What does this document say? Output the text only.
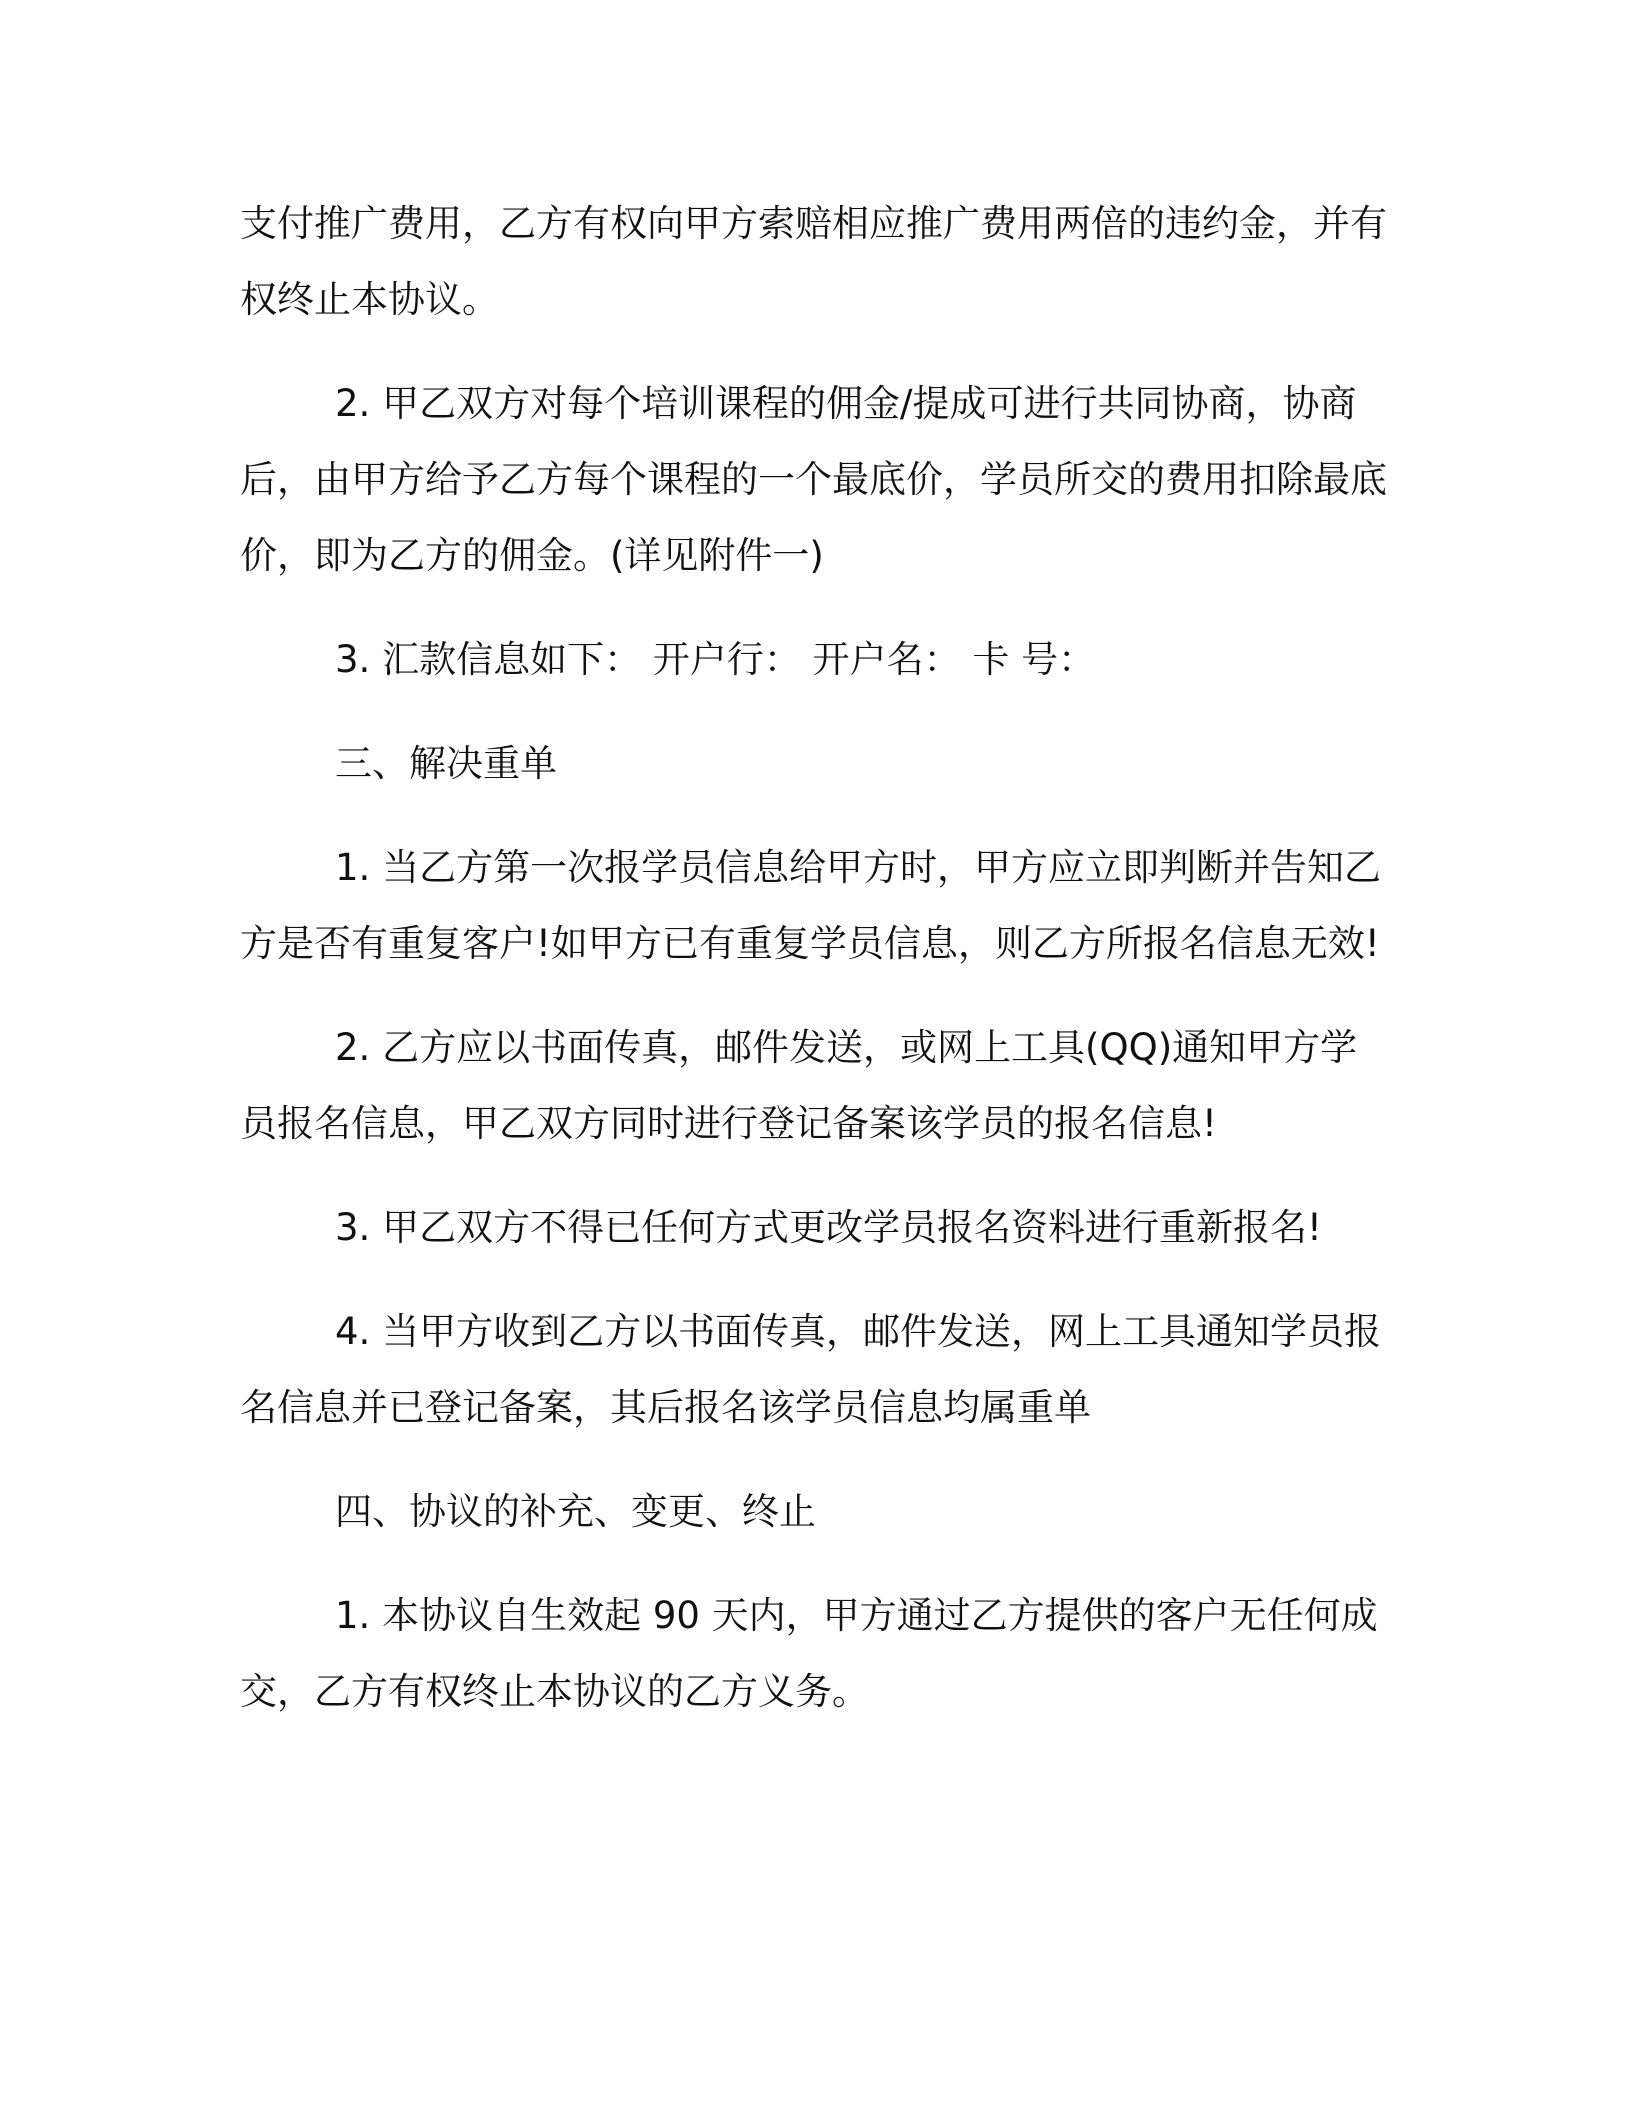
支付推广费用，乙方有权向甲方索赔相应推广费用两倍的违约金，并有权终止本协议。

2. 甲乙双方对每个培训课程的佣金/提成可进行共同协商，协商后，由甲方给予乙方每个课程的一个最底价，学员所交的费用扣除最底价，即为乙方的佣金。(详见附件一)

3. 汇款信息如下： 开户行： 开户名： 卡 号：

三、解决重单

1. 当乙方第一次报学员信息给甲方时，甲方应立即判断并告知乙方是否有重复客户!如甲方已有重复学员信息，则乙方所报名信息无效!

2. 乙方应以书面传真，邮件发送，或网上工具(QQ)通知甲方学员报名信息，甲乙双方同时进行登记备案该学员的报名信息!

3. 甲乙双方不得已任何方式更改学员报名资料进行重新报名!

4. 当甲方收到乙方以书面传真，邮件发送，网上工具通知学员报名信息并已登记备案，其后报名该学员信息均属重单

四、协议的补充、变更、终止

1. 本协议自生效起 90 天内，甲方通过乙方提供的客户无任何成交，乙方有权终止本协议的乙方义务。
